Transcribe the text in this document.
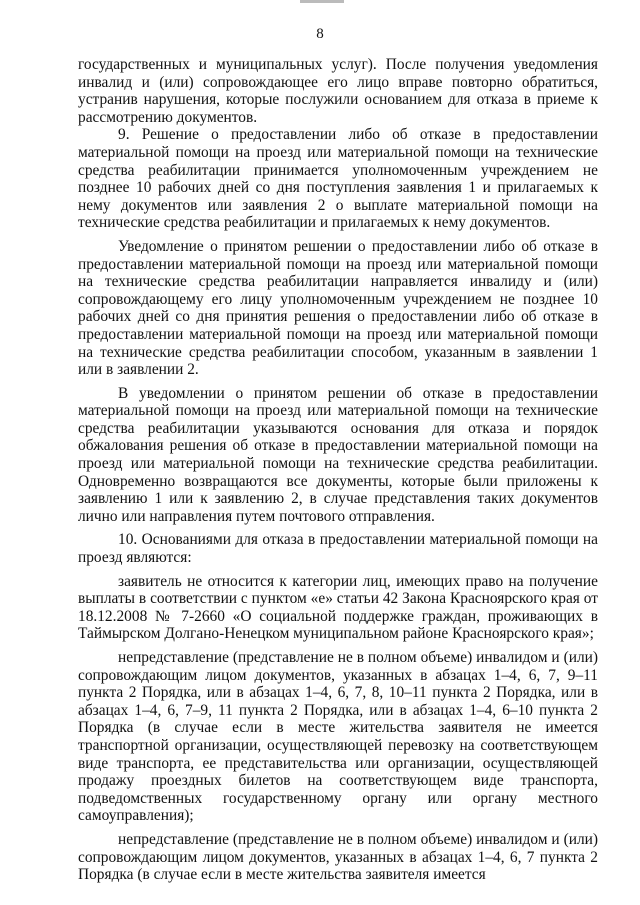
8

государственных и муниципальных услуг). После получения уведомления инвалид и (или) сопровождающее его лицо вправе повторно обратиться, устранив нарушения, которые послужили основанием для отказа в приеме к рассмотрению документов.

9. Решение о предоставлении либо об отказе в предоставлении материальной помощи на проезд или материальной помощи на технические средства реабилитации принимается уполномоченным учреждением не позднее 10 рабочих дней со дня поступления заявления 1 и прилагаемых к нему документов или заявления 2 о выплате материальной помощи на технические средства реабилитации и прилагаемых к нему документов.

Уведомление о принятом решении о предоставлении либо об отказе в предоставлении материальной помощи на проезд или материальной помощи на технические средства реабилитации направляется инвалиду и (или) сопровождающему его лицу уполномоченным учреждением не позднее 10 рабочих дней со дня принятия решения о предоставлении либо об отказе в предоставлении материальной помощи на проезд или материальной помощи на технические средства реабилитации способом, указанным в заявлении 1 или в заявлении 2.

В уведомлении о принятом решении об отказе в предоставлении материальной помощи на проезд или материальной помощи на технические средства реабилитации указываются основания для отказа и порядок обжалования решения об отказе в предоставлении материальной помощи на проезд или материальной помощи на технические средства реабилитации. Одновременно возвращаются все документы, которые были приложены к заявлению 1 или к заявлению 2, в случае представления таких документов лично или направления путем почтового отправления.

10. Основаниями для отказа в предоставлении материальной помощи на проезд являются:

заявитель не относится к категории лиц, имеющих право на получение выплаты в соответствии с пунктом «е» статьи 42 Закона Красноярского края от 18.12.2008 № 7-2660 «О социальной поддержке граждан, проживающих в Таймырском Долгано-Ненецком муниципальном районе Красноярского края»;

непредставление (представление не в полном объеме) инвалидом и (или) сопровождающим лицом документов, указанных в абзацах 1–4, 6, 7, 9–11 пункта 2 Порядка, или в абзацах 1–4, 6, 7, 8, 10–11 пункта 2 Порядка, или в абзацах 1–4, 6, 7–9, 11 пункта 2 Порядка, или в абзацах 1–4, 6–10 пункта 2 Порядка (в случае если в месте жительства заявителя не имеется транспортной организации, осуществляющей перевозку на соответствующем виде транспорта, ее представительства или организации, осуществляющей продажу проездных билетов на соответствующем виде транспорта, подведомственных государственному органу или органу местного самоуправления);

непредставление (представление не в полном объеме) инвалидом и (или) сопровождающим лицом документов, указанных в абзацах 1–4, 6, 7 пункта 2 Порядка (в случае если в месте жительства заявителя имеется
